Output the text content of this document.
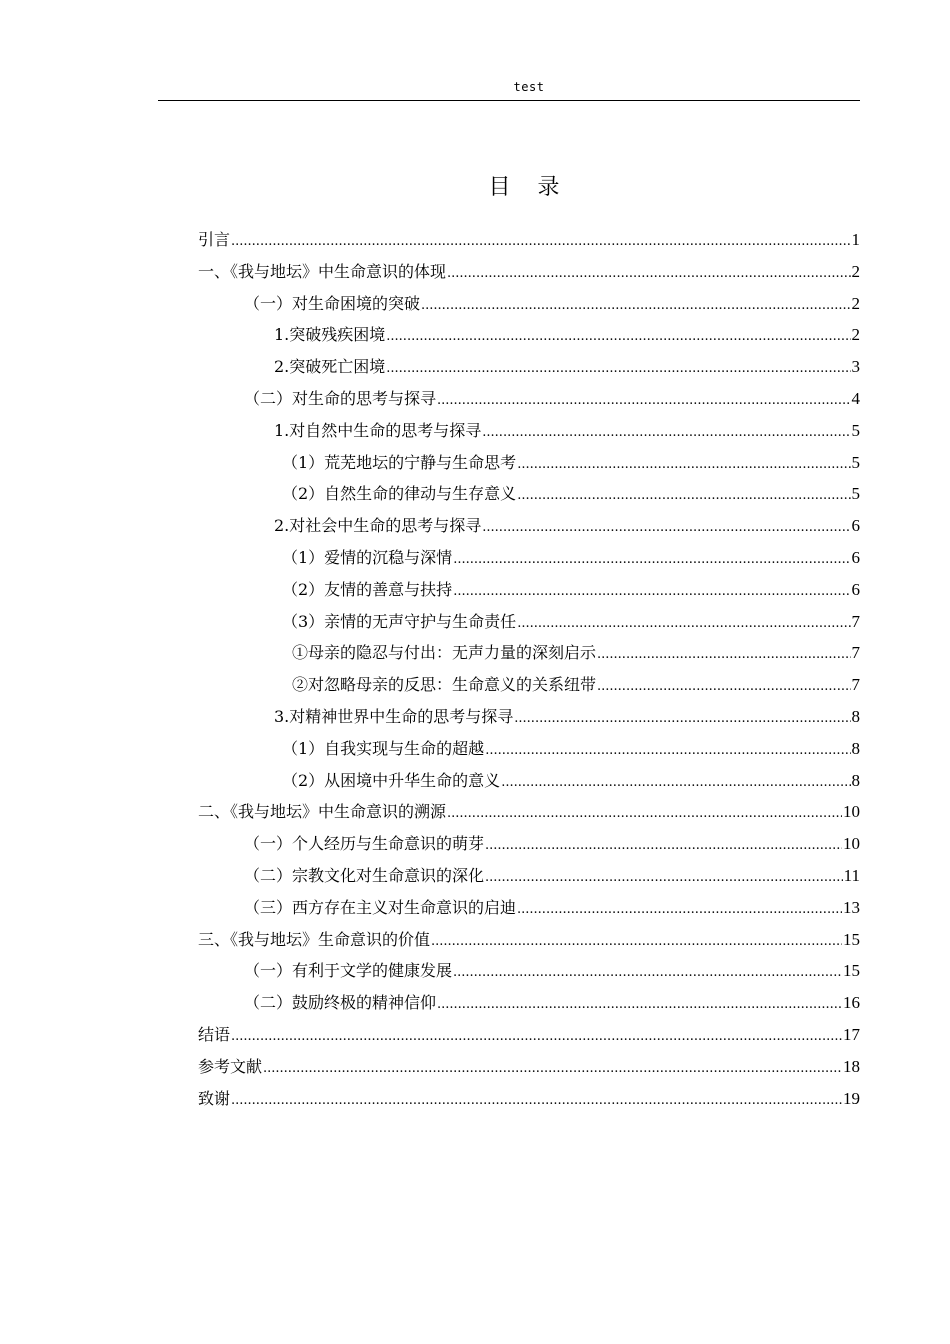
test
目 录
引言 .....	1
一、《我与地坛》中生命意识的体现 .....	2
（一）对生命困境的突破 .....	2
1.突破残疾困境 .....	2
2.突破死亡困境 .....	3
（二）对生命的思考与探寻 .....	4
1.对自然中生命的思考与探寻 .....	5
（1）荒芜地坛的宁静与生命思考 .....	5
（2）自然生命的律动与生存意义 .....	5
2.对社会中生命的思考与探寻 .....	6
（1）爱情的沉稳与深情 .....	6
（2）友情的善意与扶持 .....	6
（3）亲情的无声守护与生命责任 .....	7
①母亲的隐忍与付出：无声力量的深刻启示 .....	7
②对忽略母亲的反思：生命意义的关系纽带 .....	7
3.对精神世界中生命的思考与探寻 .....	8
（1）自我实现与生命的超越 .....	8
（2）从困境中升华生命的意义 .....	8
二、《我与地坛》中生命意识的溯源 .....	10
（一）个人经历与生命意识的萌芽 .....	10
（二）宗教文化对生命意识的深化 .....	11
（三）西方存在主义对生命意识的启迪 .....	13
三、《我与地坛》生命意识的价值 .....	15
（一）有利于文学的健康发展 .....	15
（二）鼓励终极的精神信仰 .....	16
结语 .....	17
参考文献 .....	18
致谢 .....	19
